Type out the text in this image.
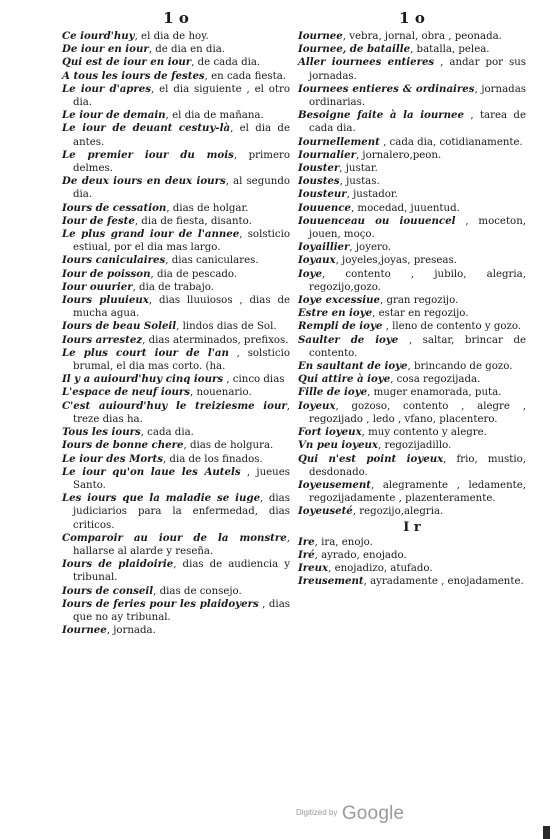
1 o

Ce iourd'huy, el dia de hoy.

De iour en iour, de dia en dia.

Qui est de iour en iour, de cada dia.

A tous les iours de festes, en cada fiesta.

Le iour d'apres, el dia siguiente , el otro dia.

Le iour de demain, el dia de mañana.

Le iour de deuant cestuy-là, el dia de antes.

Le premier iour du mois, primero delmes.

De deux iours en deux iours, al segundo dia.

Iours de cessation, dias de holgar.

Iour de feste, dia de fiesta, disanto.

Le plus grand iour de l'annee, solsticio estiual, por el dia mas largo.

Iours caniculaires, dias caniculares.

Iour de poisson, dia de pescado.

Iour ouurier, dia de trabajo.

Iours pluuieux, dias lluuiosos , dias de mucha agua.

Iours de beau Soleil, lindos dias de Sol.

Iours arrestez, dias aterminados, prefixos.

Le plus court iour de l'an , solsticio brumal, el dia mas corto. (ha.

Il y a auiourd'huy cinq iours , cinco dias

L'espace de neuf iours, nouenario.

C'est auiourd'huy le treiziesme iour, treze dias ha.

Tous les iours, cada dia.

Iours de bonne chere, dias de holgura.

Le iour des Morts, dia de los finados.

Le iour qu'on laue les Autels , jueues Santo.

Les iours que la maladie se iuge, dias judiciarios para la enfermedad, dias criticos.

Comparoir au iour de la monstre, hallarse al alarde y reseña.

Iours de plaidoirie, dias de audiencia y tribunal.

Iours de conseil, dias de consejo.

Iours de feries pour les plaidoyers , dias que no ay tribunal.

Iournee, jornada.

1 o

Iournee, vebra, jornal, obra , peonada.

Iournee, de bataille, batalla, pelea.

Aller iournees entieres , andar por sus jornadas.

Iournees entieres & ordinaires, jornadas ordinarias.

Besoigne faite à la iournee , tarea de cada dia.

Iournellement , cada dia, cotidianamente.

Iournalier, jornalero,peon.

Iouster, justar.

Ioustes, justas.

Iousteur, justador.

Iouuence, mocedad, juuentud.

Iouuenceau ou iouuencel , moceton, jouen, moço.

Ioyaillier, joyero.

Ioyaux, joyeles,joyas, preseas.

Ioye, contento , jubilo, alegria, regozijo,gozo.

Ioye excessiue, gran regozijo.

Estre en ioye, estar en regozijo.

Rempli de ioye , lleno de contento y gozo.

Saulter de ioye , saltar, brincar de contento.

En saultant de ioye, brincando de gozo.

Qui attire à ioye, cosa regozijada.

Fille de ioye, muger enamorada, puta.

Ioyeux, gozoso, contento , alegre , regozijado , ledo , vfano, placentero.

Fort ioyeux, muy contento y alegre.

Vn peu ioyeux, regozijadillo.

Qui n'est point ioyeux, frio, mustio, desdonado.

Ioyeusement, alegramente , ledamente, regozijadamente , plazenteramente.

Ioyeuseté, regozijo,alegria.

I r

Ire, ira, enojo.

Iré, ayrado, enojado.

Ireux, enojadizo, atufado.

Ireusement, ayradamente , enojadamente.

$^{Digitized by}$ Google
